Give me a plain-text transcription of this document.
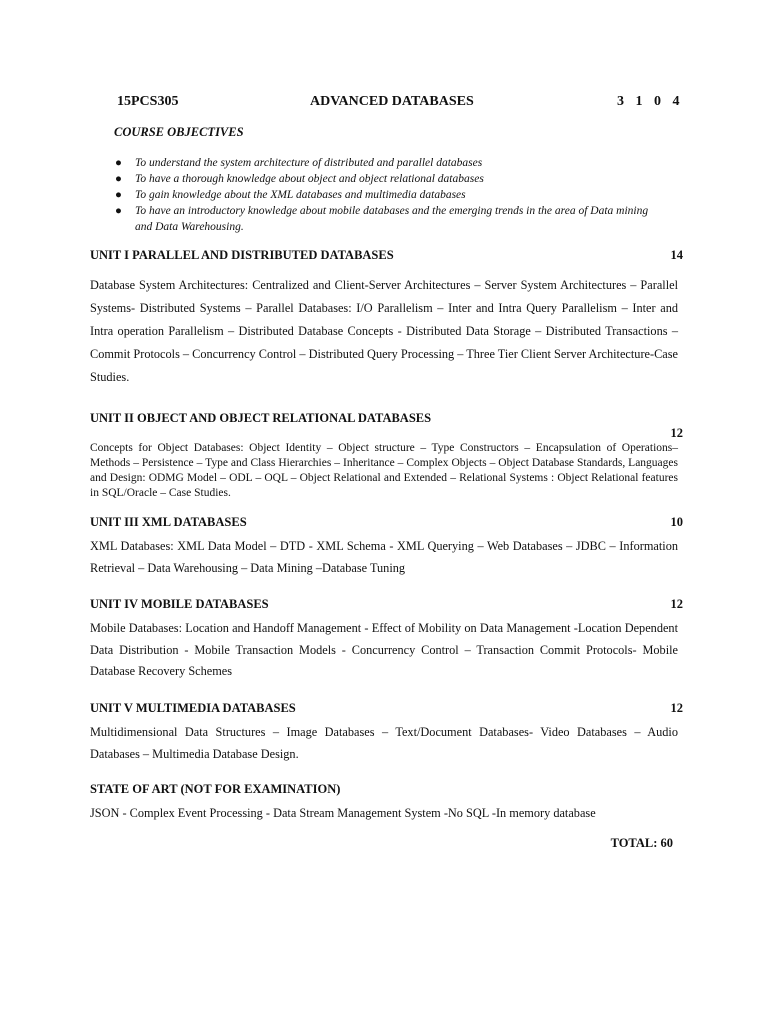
15PCS305	ADVANCED DATABASES	3 1 0 4
COURSE OBJECTIVES
● To understand the system architecture of distributed and parallel databases
● To have a thorough knowledge about object and object relational databases
● To gain knowledge about the XML databases and multimedia databases
● To have an introductory knowledge about mobile databases and the emerging trends in the area of Data mining and Data Warehousing.
UNIT I PARALLEL AND DISTRIBUTED DATABASES	14
Database System Architectures: Centralized and Client-Server Architectures – Server System Architectures – Parallel Systems- Distributed Systems – Parallel Databases: I/O Parallelism – Inter and Intra Query Parallelism – Inter and Intra operation Parallelism – Distributed Database Concepts - Distributed Data Storage – Distributed Transactions – Commit Protocols – Concurrency Control – Distributed Query Processing – Three Tier Client Server Architecture-Case Studies.
UNIT II OBJECT AND OBJECT RELATIONAL DATABASES
12
Concepts for Object Databases: Object Identity – Object structure – Type Constructors – Encapsulation of Operations– Methods – Persistence – Type and Class Hierarchies – Inheritance – Complex Objects – Object Database Standards, Languages and Design: ODMG Model – ODL – OQL – Object Relational and Extended – Relational Systems : Object Relational features in SQL/Oracle – Case Studies.
UNIT III XML DATABASES	10
XML Databases: XML Data Model – DTD - XML Schema - XML Querying – Web Databases – JDBC – Information Retrieval – Data Warehousing – Data Mining –Database Tuning
UNIT IV MOBILE DATABASES	12
Mobile Databases: Location and Handoff Management - Effect of Mobility on Data Management -Location Dependent Data Distribution - Mobile Transaction Models - Concurrency Control – Transaction Commit Protocols- Mobile Database Recovery Schemes
UNIT V MULTIMEDIA DATABASES	12
Multidimensional Data Structures – Image Databases – Text/Document Databases- Video Databases – Audio Databases – Multimedia Database Design.
STATE OF ART (NOT FOR EXAMINATION)
JSON - Complex Event Processing - Data Stream Management System -No SQL -In memory database
TOTAL: 60
